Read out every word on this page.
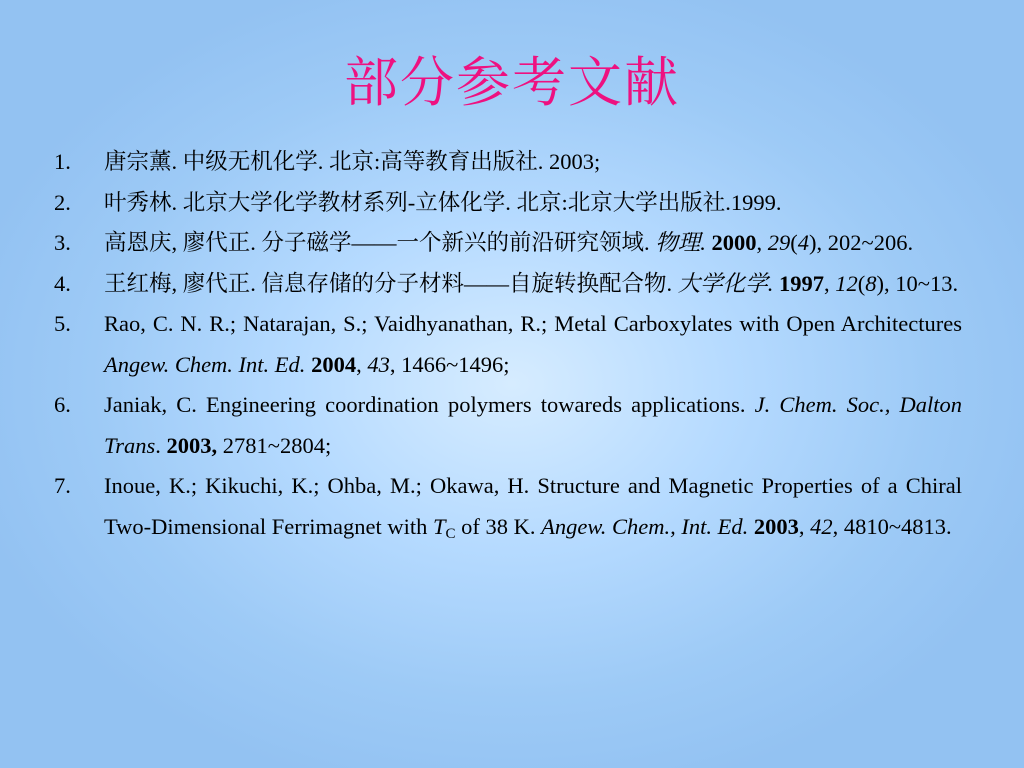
部分参考文献
1. 唐宗薰. 中级无机化学. 北京:高等教育出版社. 2003;
2. 叶秀林. 北京大学化学教材系列-立体化学. 北京:北京大学出版社.1999.
3. 高恩庆, 廖代正. 分子磁学——一个新兴的前沿研究领域. 物理. 2000, 29(4), 202~206.
4. 王红梅, 廖代正. 信息存储的分子材料——自旋转换配合物. 大学化学. 1997, 12(8), 10~13.
5. Rao, C. N. R.; Natarajan, S.; Vaidhyanathan, R.; Metal Carboxylates with Open Architectures Angew. Chem. Int. Ed. 2004, 43, 1466~1496;
6. Janiak, C. Engineering coordination polymers towareds applications. J. Chem. Soc., Dalton Trans. 2003, 2781~2804;
7. Inoue, K.; Kikuchi, K.; Ohba, M.; Okawa, H. Structure and Magnetic Properties of a Chiral Two-Dimensional Ferrimagnet with $T_C$ of 38 K. Angew. Chem., Int. Ed. 2003, 42, 4810~4813.
